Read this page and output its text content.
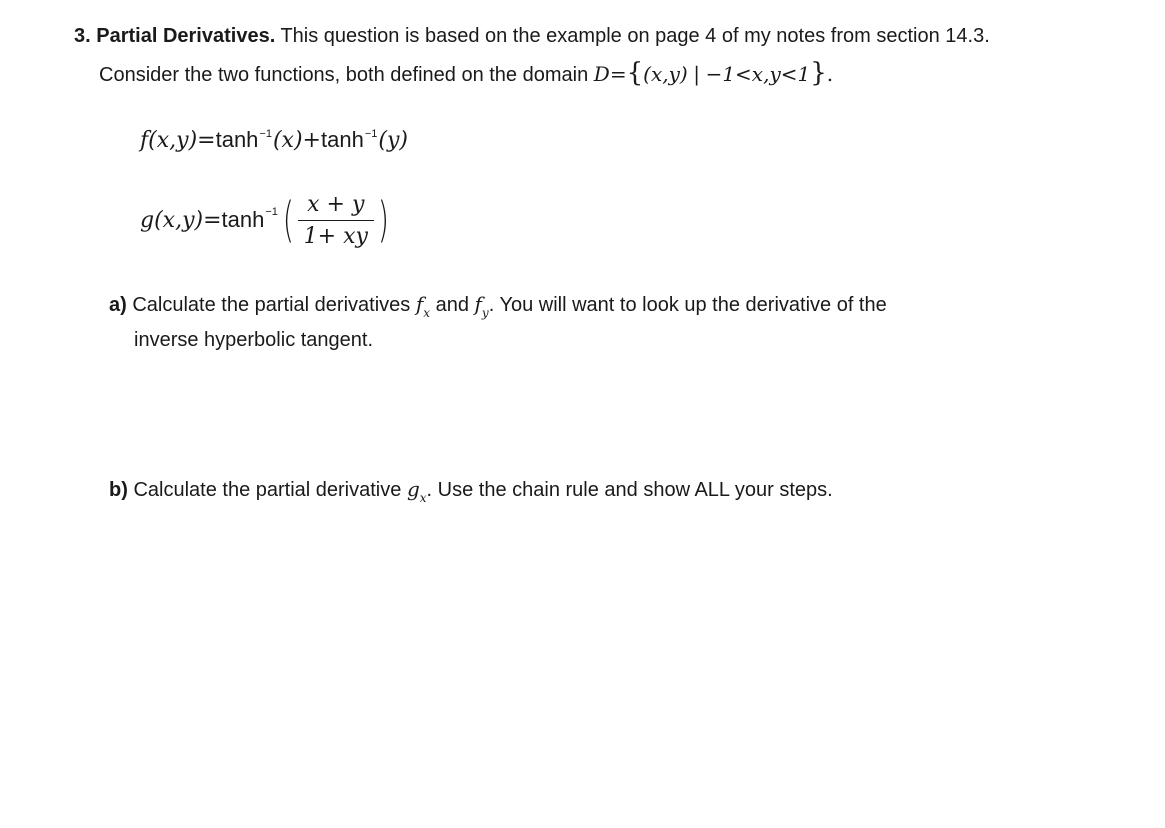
3. Partial Derivatives. This question is based on the example on page 4 of my notes from section 14.3.
Consider the two functions, both defined on the domain D={(x,y) | −1<x,y<1}.
$f(x,y)=\tanh^{-1}(x)+\tanh^{-1}(y)$
g (x,y) = tanh −1 ( $\frac{x + y}{1+ xy}$ )
a) Calculate the partial derivatives $f_x$ and $f_y$. You will want to look up the derivative of the
inverse hyperbolic tangent.
b) Calculate the partial derivative $g_x$. Use the chain rule and show ALL your steps.
